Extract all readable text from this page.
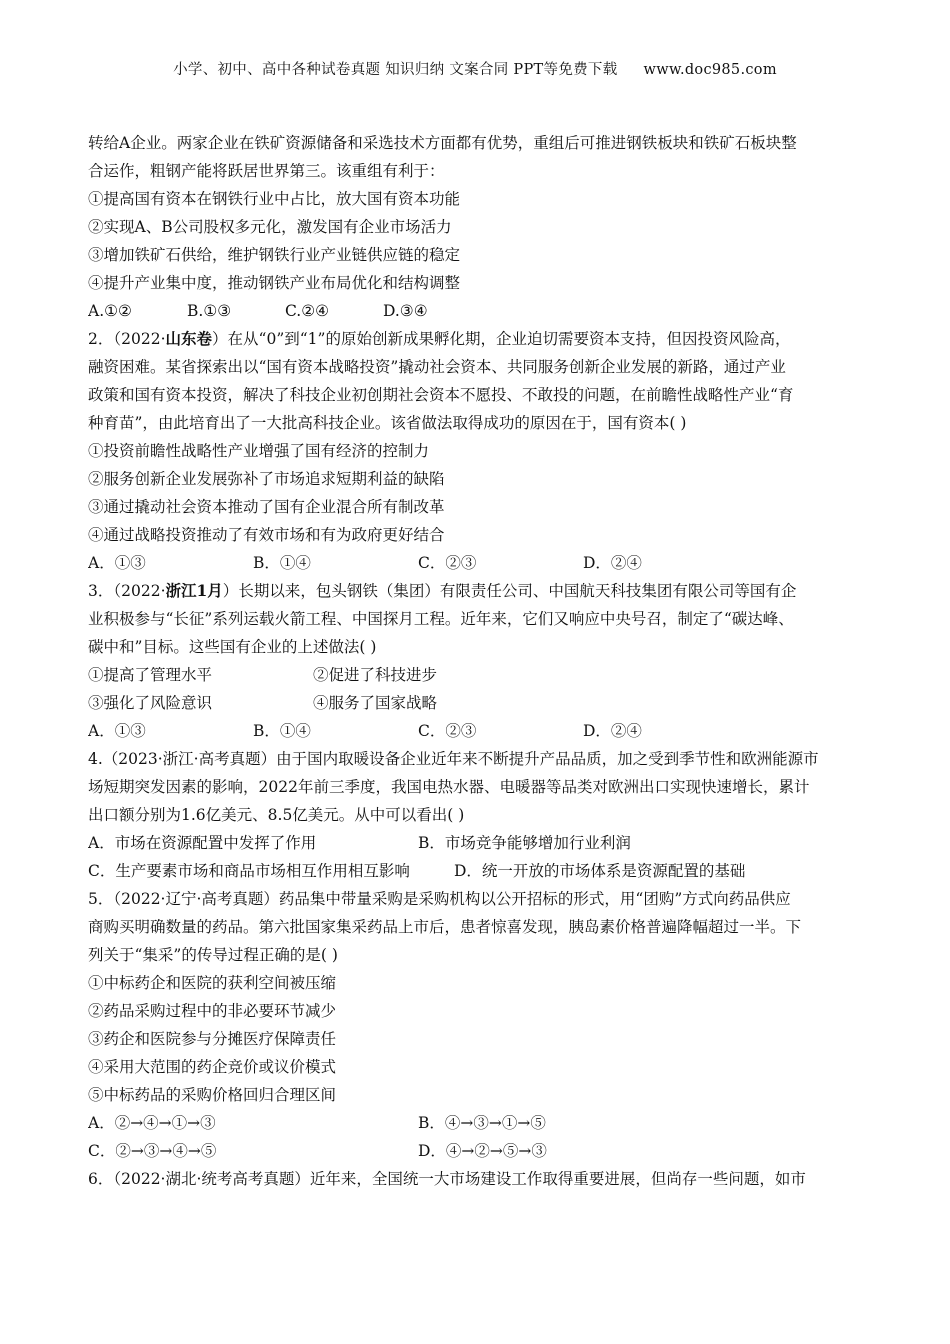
小学、初中、高中各种试卷真题 知识归纳 文案合同 PPT等免费下载 www.doc985.com
转给A企业。两家企业在铁矿资源储备和采选技术方面都有优势，重组后可推进钢铁板块和铁矿石板块整
合运作，粗钢产能将跃居世界第三。该重组有利于：
①提高国有资本在钢铁行业中占比，放大国有资本功能
②实现A、B公司股权多元化，激发国有企业市场活力
③增加铁矿石供给，维护钢铁行业产业链供应链的稳定
④提升产业集中度，推动钢铁产业布局优化和结构调整
A.①②	B.①③	C.②④	D.③④
2．（2022·山东卷）在从“0”到“1”的原始创新成果孵化期，企业迫切需要资本支持，但因投资风险高，
融资困难。某省探索出以“国有资本战略投资”撬动社会资本、共同服务创新企业发展的新路，通过产业
政策和国有资本投资，解决了科技企业初创期社会资本不愿投、不敢投的问题，在前瞻性战略性产业“育
种育苗”，由此培育出了一大批高科技企业。该省做法取得成功的原因在于，国有资本( )
①投资前瞻性战略性产业增强了国有经济的控制力
②服务创新企业发展弥补了市场追求短期利益的缺陷
③通过撬动社会资本推动了国有企业混合所有制改革
④通过战略投资推动了有效市场和有为政府更好结合
A．①③	B．①④	C．②③	D．②④
3．（2022·浙江1月）长期以来，包头钢铁（集团）有限责任公司、中国航天科技集团有限公司等国有企
业积极参与“长征”系列运载火箭工程、中国探月工程。近年来，它们又响应中央号召，制定了“碳达峰、
碳中和”目标。这些国有企业的上述做法( )
①提高了管理水平	②促进了科技进步
③强化了风险意识	④服务了国家战略
A．①③	B．①④	C．②③	D．②④
4.（2023·浙江·高考真题）由于国内取暖设备企业近年来不断提升产品品质，加之受到季节性和欧洲能源市
场短期突发因素的影响，2022年前三季度，我国电热水器、电暖器等品类对欧洲出口实现快速增长，累计
出口额分别为1.6亿美元、8.5亿美元。从中可以看出( )
A．市场在资源配置中发挥了作用	B．市场竞争能够增加行业利润
C．生产要素市场和商品市场相互作用相互影响	D．统一开放的市场体系是资源配置的基础
5．（2022·辽宁·高考真题）药品集中带量采购是采购机构以公开招标的形式，用“团购”方式向药品供应
商购买明确数量的药品。第六批国家集采药品上市后，患者惊喜发现，胰岛素价格普遍降幅超过一半。下
列关于“集采”的传导过程正确的是( )
①中标药企和医院的获利空间被压缩
②药品采购过程中的非必要环节减少
③药企和医院参与分摊医疗保障责任
④采用大范围的药企竞价或议价模式
⑤中标药品的采购价格回归合理区间
A．②→④→①→③	B．④→③→①→⑤
C．②→③→④→⑤	D．④→②→⑤→③
6．（2022·湖北·统考高考真题）近年来，全国统一大市场建设工作取得重要进展，但尚存一些问题，如市
